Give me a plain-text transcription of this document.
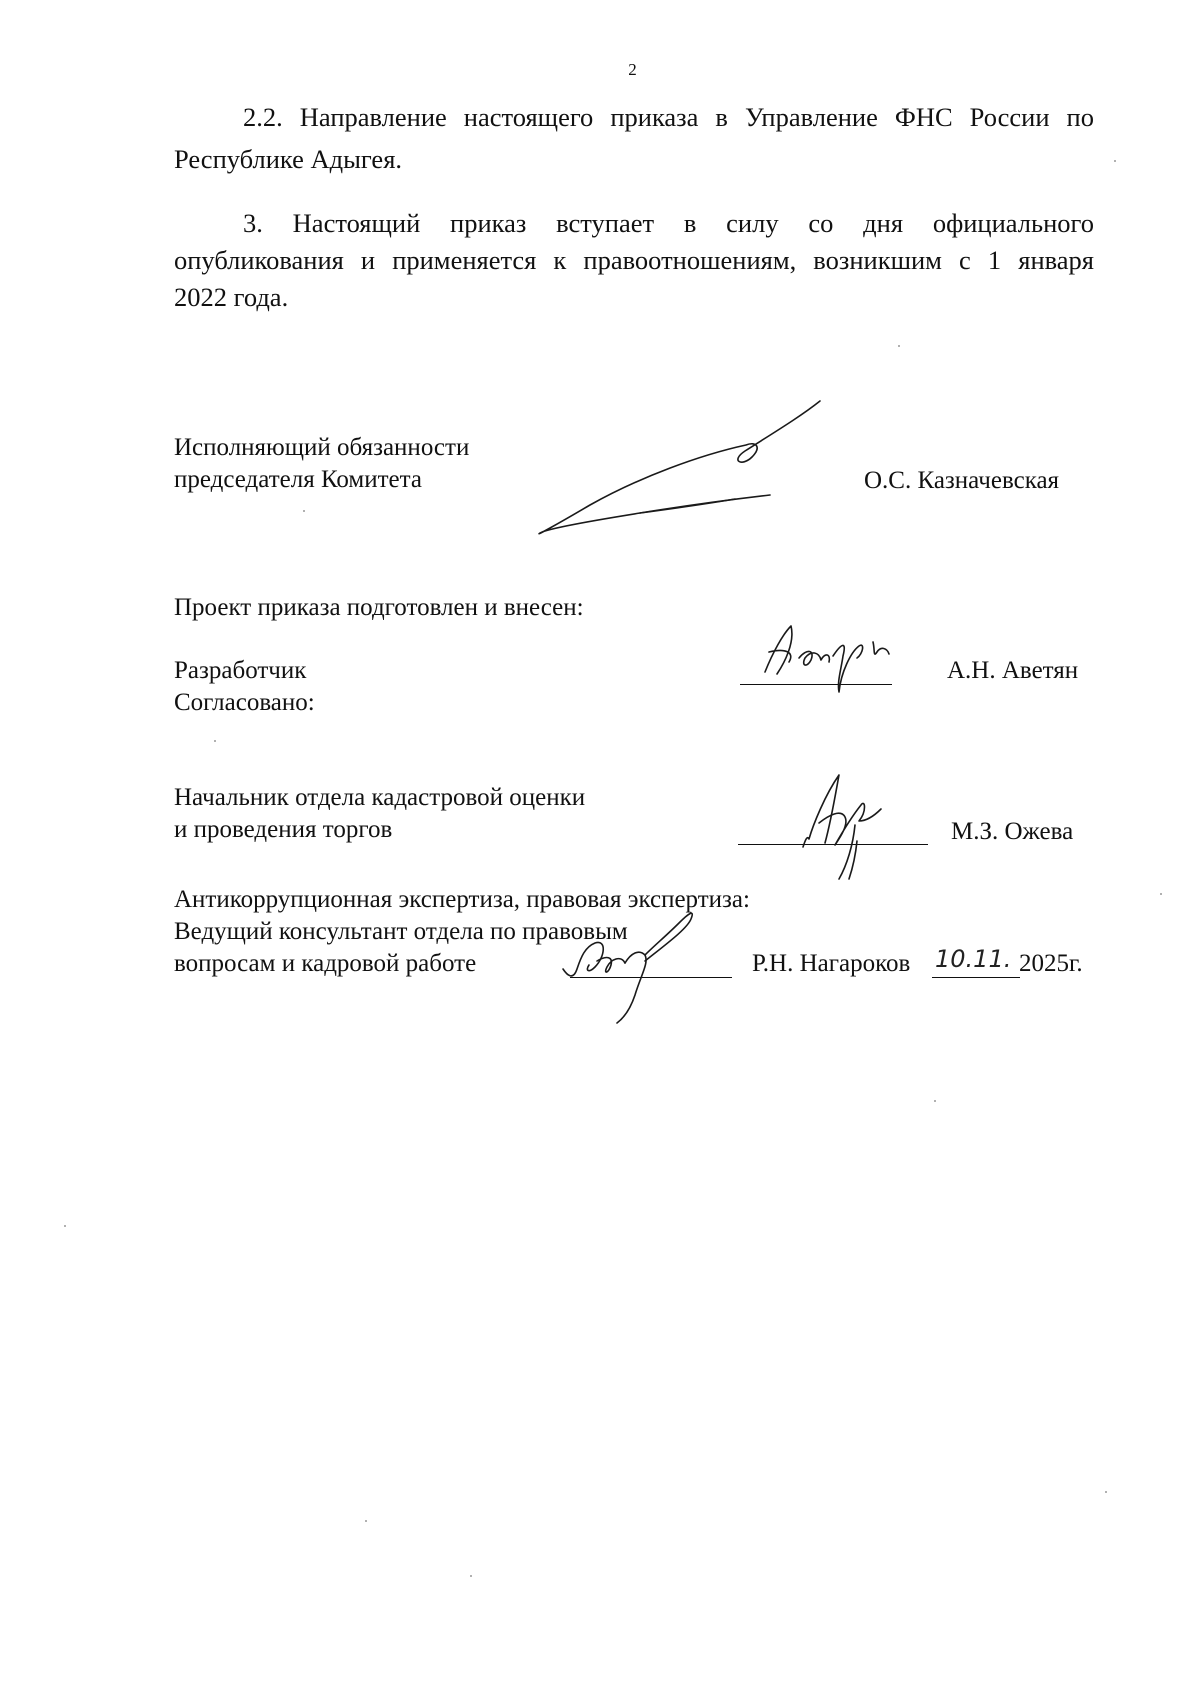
2
2.2. Направление настоящего приказа в Управление ФНС России по
Республике Адыгея.
3. Настоящий приказ вступает в силу со дня официального
опубликования и применяется к правоотношениям, возникшим с 1 января
2022 года.
Исполняющий обязанности
председателя Комитета	О.С. Казначевская
Проект приказа подготовлен и внесен:
Разработчик	А.Н. Аветян
Согласовано:
Начальник отдела кадастровой оценки
и проведения торгов	М.З. Ожева
Антикоррупционная экспертиза, правовая экспертиза:
Ведущий консультант отдела по правовым
вопросам и кадровой работе	Р.Н. Нагароков 10.11. 2025г.
